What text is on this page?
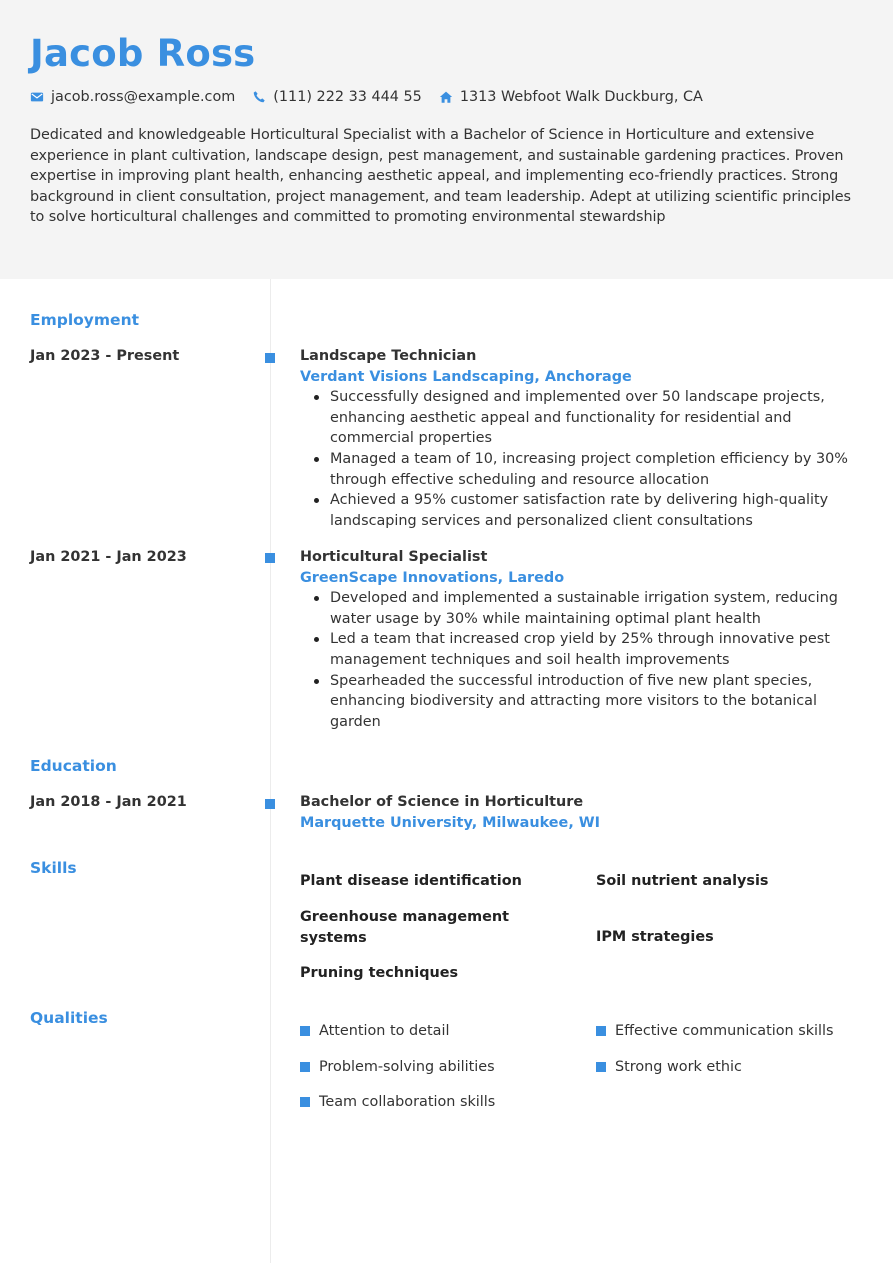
Jacob Ross
jacob.ross@example.com	(111) 222 33 444 55	1313 Webfoot Walk Duckburg, CA
Dedicated and knowledgeable Horticultural Specialist with a Bachelor of Science in Horticulture and extensive experience in plant cultivation, landscape design, pest management, and sustainable gardening practices. Proven expertise in improving plant health, enhancing aesthetic appeal, and implementing eco-friendly practices. Strong background in client consultation, project management, and team leadership. Adept at utilizing scientific principles to solve horticultural challenges and committed to promoting environmental stewardship
Employment
Jan 2023 - Present	Landscape Technician
Verdant Visions Landscaping, Anchorage
Successfully designed and implemented over 50 landscape projects, enhancing aesthetic appeal and functionality for residential and commercial properties
Managed a team of 10, increasing project completion efficiency by 30% through effective scheduling and resource allocation
Achieved a 95% customer satisfaction rate by delivering high-quality landscaping services and personalized client consultations
Jan 2021 - Jan 2023	Horticultural Specialist
GreenScape Innovations, Laredo
Developed and implemented a sustainable irrigation system, reducing water usage by 30% while maintaining optimal plant health
Led a team that increased crop yield by 25% through innovative pest management techniques and soil health improvements
Spearheaded the successful introduction of five new plant species, enhancing biodiversity and attracting more visitors to the botanical garden
Education
Jan 2018 - Jan 2021	Bachelor of Science in Horticulture
Marquette University, Milwaukee, WI
Skills
Plant disease identification	Soil nutrient analysis
Greenhouse management systems	IPM strategies
Pruning techniques
Qualities
Attention to detail	Effective communication skills
Problem-solving abilities	Strong work ethic
Team collaboration skills
